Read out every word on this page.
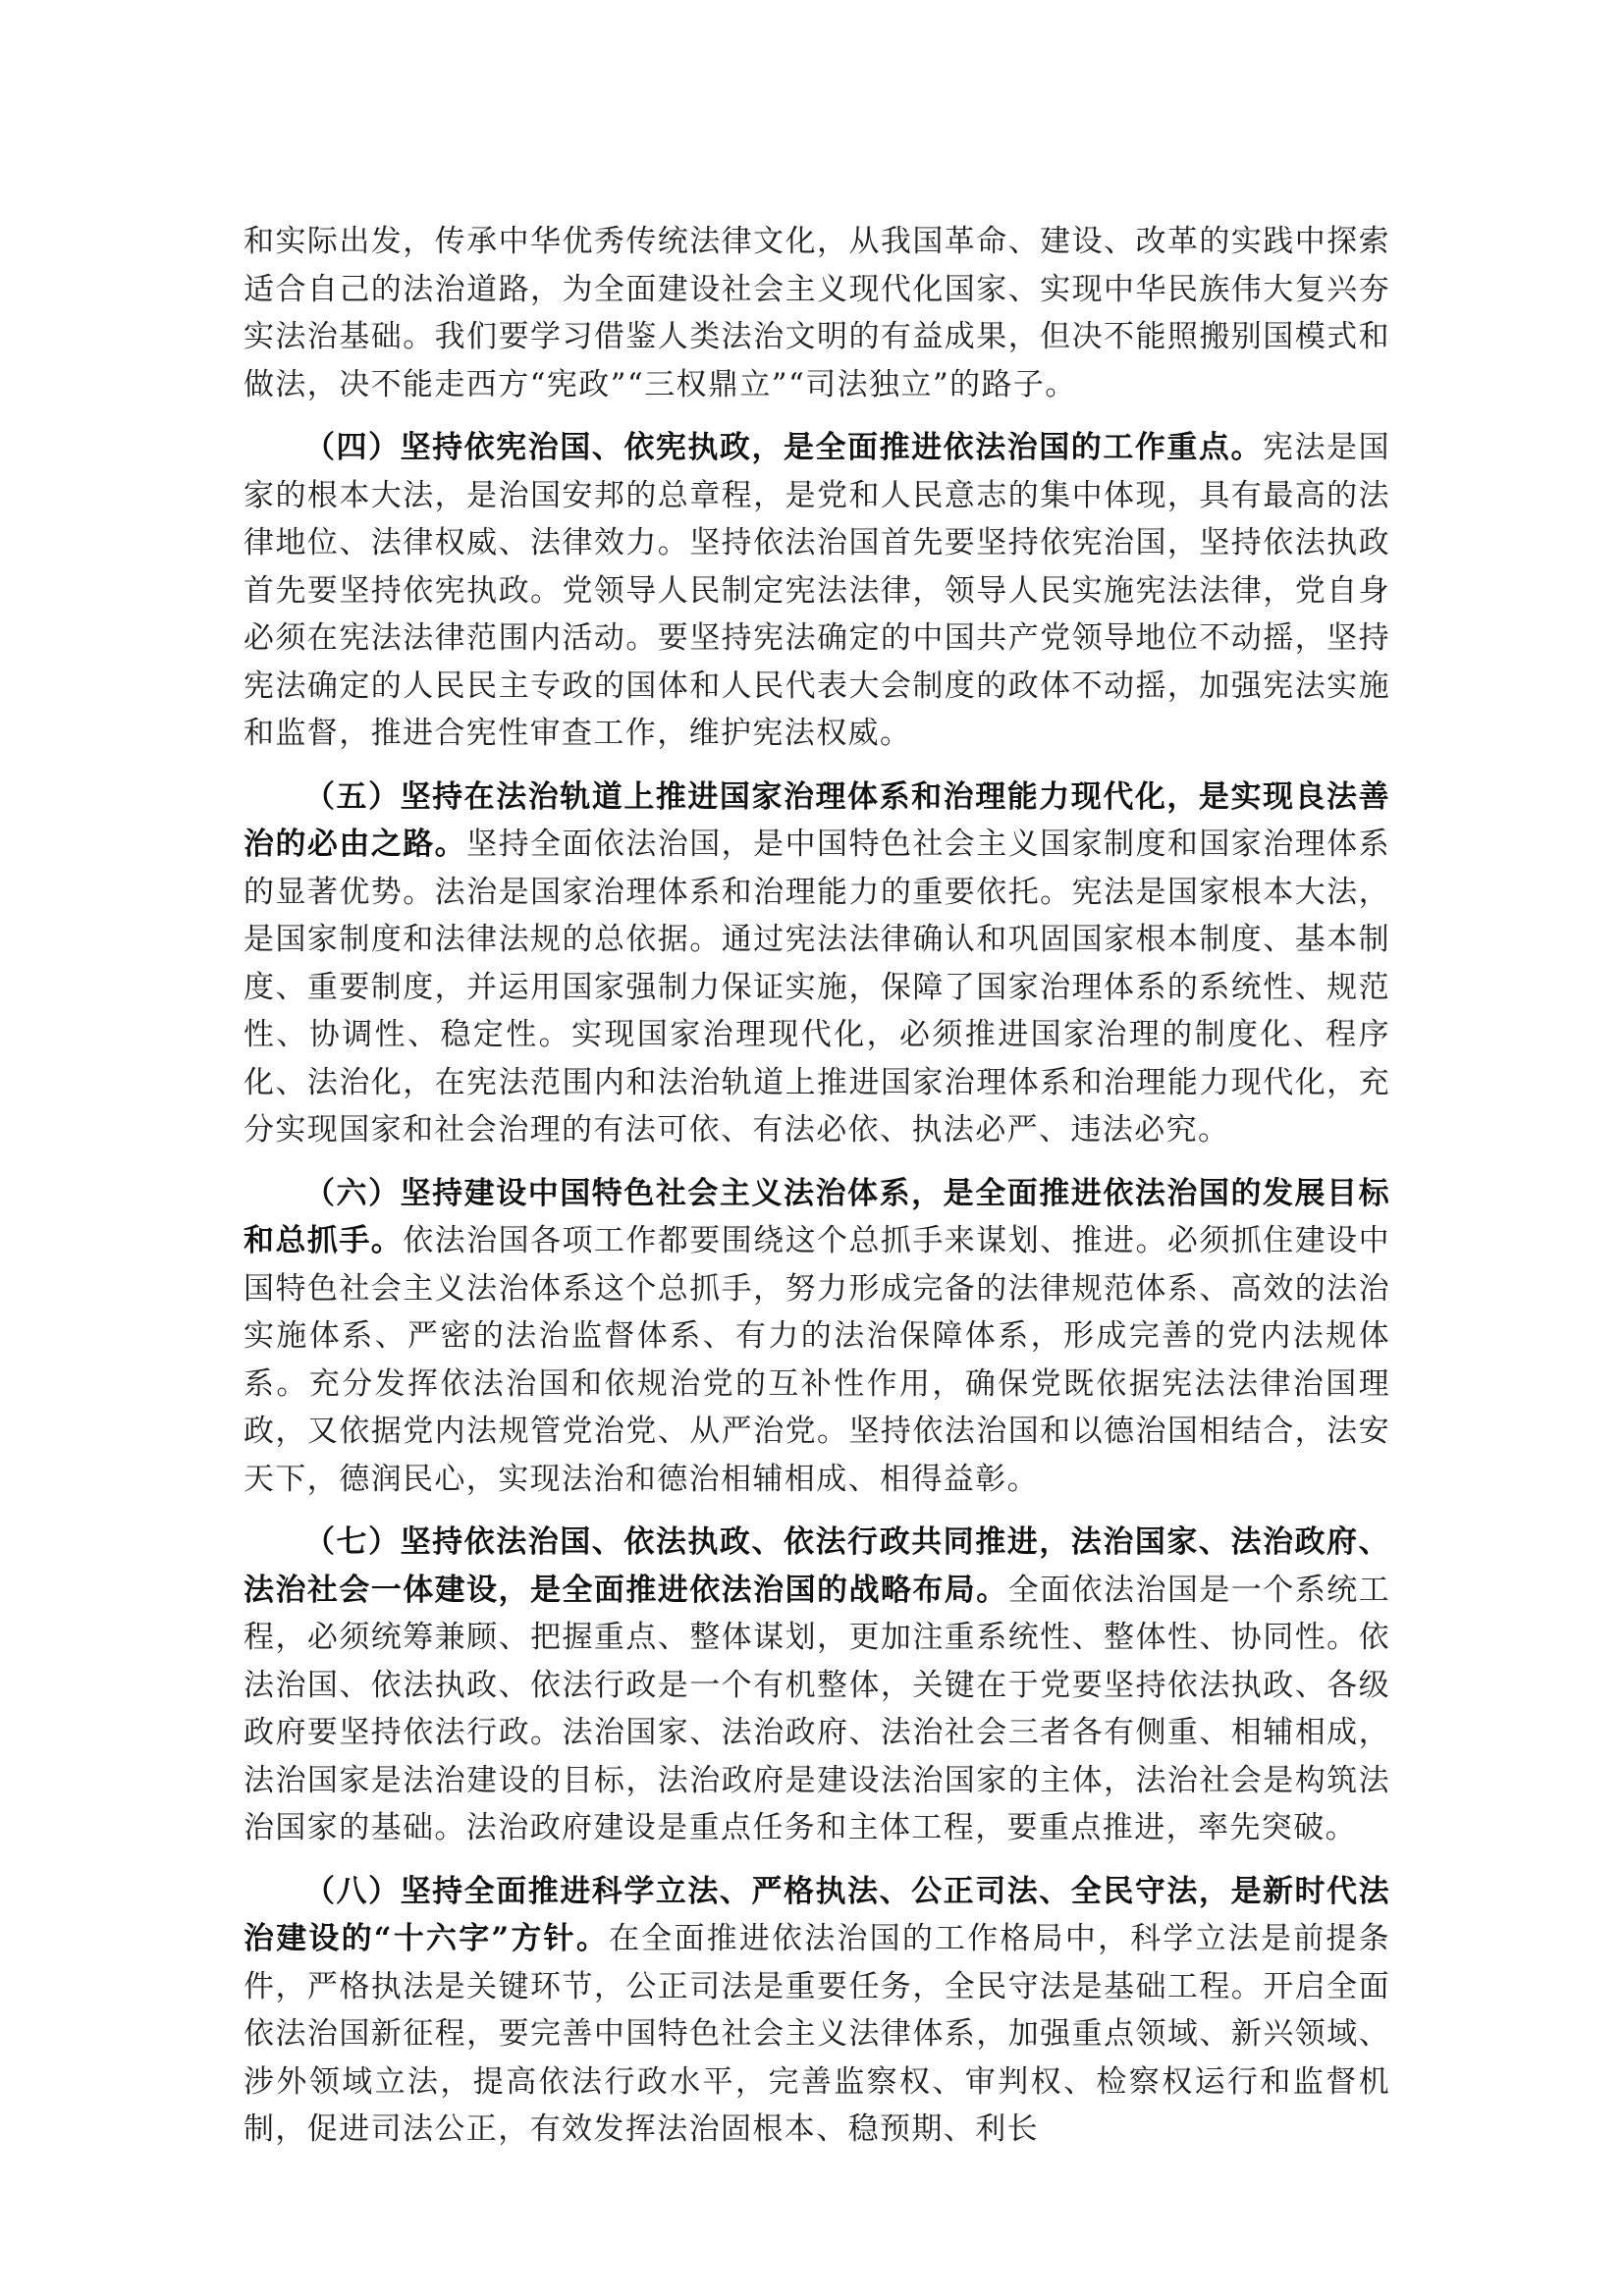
和实际出发，传承中华优秀传统法律文化，从我国革命、建设、改革的实践中探索适合自己的法治道路，为全面建设社会主义现代化国家、实现中华民族伟大复兴夯实法治基础。我们要学习借鉴人类法治文明的有益成果，但决不能照搬别国模式和做法，决不能走西方“宪政”“三权鼎立”“司法独立”的路子。

（四）坚持依宪治国、依宪执政，是全面推进依法治国的工作重点。宪法是国家的根本大法，是治国安邦的总章程，是党和人民意志的集中体现，具有最高的法律地位、法律权威、法律效力。坚持依法治国首先要坚持依宪治国，坚持依法执政首先要坚持依宪执政。党领导人民制定宪法法律，领导人民实施宪法法律，党自身必须在宪法法律范围内活动。要坚持宪法确定的中国共产党领导地位不动摇，坚持宪法确定的人民民主专政的国体和人民代表大会制度的政体不动摇，加强宪法实施和监督，推进合宪性审查工作，维护宪法权威。

（五）坚持在法治轨道上推进国家治理体系和治理能力现代化，是实现良法善治的必由之路。坚持全面依法治国，是中国特色社会主义国家制度和国家治理体系的显著优势。法治是国家治理体系和治理能力的重要依托。宪法是国家根本大法，是国家制度和法律法规的总依据。通过宪法法律确认和巩固国家根本制度、基本制度、重要制度，并运用国家强制力保证实施，保障了国家治理体系的系统性、规范性、协调性、稳定性。实现国家治理现代化，必须推进国家治理的制度化、程序化、法治化，在宪法范围内和法治轨道上推进国家治理体系和治理能力现代化，充分实现国家和社会治理的有法可依、有法必依、执法必严、违法必究。

（六）坚持建设中国特色社会主义法治体系，是全面推进依法治国的发展目标和总抓手。依法治国各项工作都要围绕这个总抓手来谋划、推进。必须抓住建设中国特色社会主义法治体系这个总抓手，努力形成完备的法律规范体系、高效的法治实施体系、严密的法治监督体系、有力的法治保障体系，形成完善的党内法规体系。充分发挥依法治国和依规治党的互补性作用，确保党既依据宪法法律治国理政，又依据党内法规管党治党、从严治党。坚持依法治国和以德治国相结合，法安天下，德润民心，实现法治和德治相辅相成、相得益彰。

（七）坚持依法治国、依法执政、依法行政共同推进，法治国家、法治政府、法治社会一体建设，是全面推进依法治国的战略布局。全面依法治国是一个系统工程，必须统筹兼顾、把握重点、整体谋划，更加注重系统性、整体性、协同性。依法治国、依法执政、依法行政是一个有机整体，关键在于党要坚持依法执政、各级政府要坚持依法行政。法治国家、法治政府、法治社会三者各有侧重、相辅相成，法治国家是法治建设的目标，法治政府是建设法治国家的主体，法治社会是构筑法治国家的基础。法治政府建设是重点任务和主体工程，要重点推进，率先突破。

（八）坚持全面推进科学立法、严格执法、公正司法、全民守法，是新时代法治建设的“十六字”方针。在全面推进依法治国的工作格局中，科学立法是前提条件，严格执法是关键环节，公正司法是重要任务，全民守法是基础工程。开启全面依法治国新征程，要完善中国特色社会主义法律体系，加强重点领域、新兴领域、涉外领域立法，提高依法行政水平，完善监察权、审判权、检察权运行和监督机制，促进司法公正，有效发挥法治固根本、稳预期、利长
